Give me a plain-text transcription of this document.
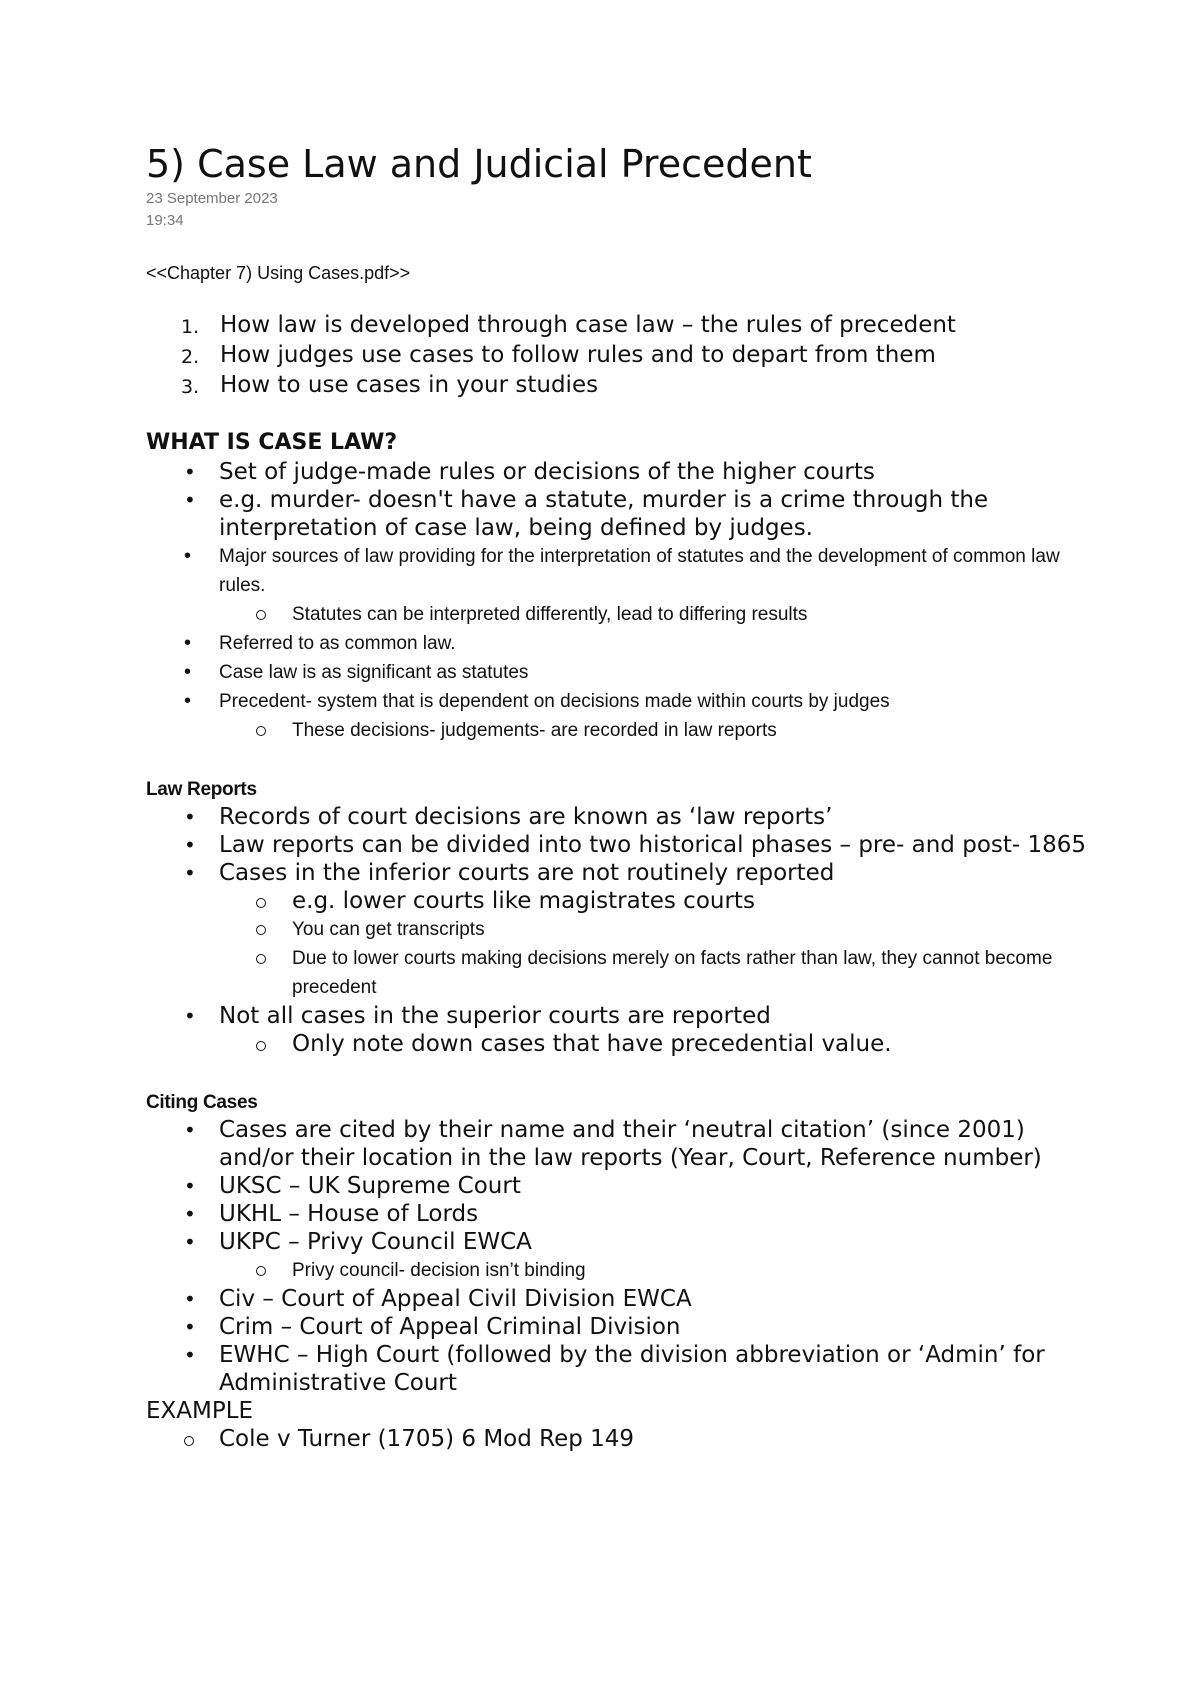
5) Case Law and Judicial Precedent
23 September 2023
19:34
<<Chapter 7) Using Cases.pdf>>
1. How law is developed through case law – the rules of precedent
2. How judges use cases to follow rules and to depart from them
3. How to use cases in your studies
WHAT IS CASE LAW?
• Set of judge-made rules or decisions of the higher courts
• e.g. murder- doesn't have a statute, murder is a crime through the interpretation of case law, being defined by judges.
• Major sources of law providing for the interpretation of statutes and the development of common law rules.
Statutes can be interpreted differently, lead to differing results
• Referred to as common law.
• Case law is as significant as statutes
• Precedent- system that is dependent on decisions made within courts by judges
These decisions- judgements- are recorded in law reports
Law Reports
• Records of court decisions are known as ‘law reports’
• Law reports can be divided into two historical phases – pre- and post- 1865
• Cases in the inferior courts are not routinely reported
e.g. lower courts like magistrates courts
You can get transcripts
Due to lower courts making decisions merely on facts rather than law, they cannot become precedent
• Not all cases in the superior courts are reported
Only note down cases that have precedential value.
Citing Cases
• Cases are cited by their name and their ‘neutral citation’ (since 2001) and/or their location in the law reports (Year, Court, Reference number)
• UKSC – UK Supreme Court
• UKHL – House of Lords
• UKPC – Privy Council EWCA
Privy council- decision isn’t binding
• Civ – Court of Appeal Civil Division EWCA
• Crim – Court of Appeal Criminal Division
• EWHC – High Court (followed by the division abbreviation or ‘Admin’ for Administrative Court
EXAMPLE
Cole v Turner (1705) 6 Mod Rep 149
